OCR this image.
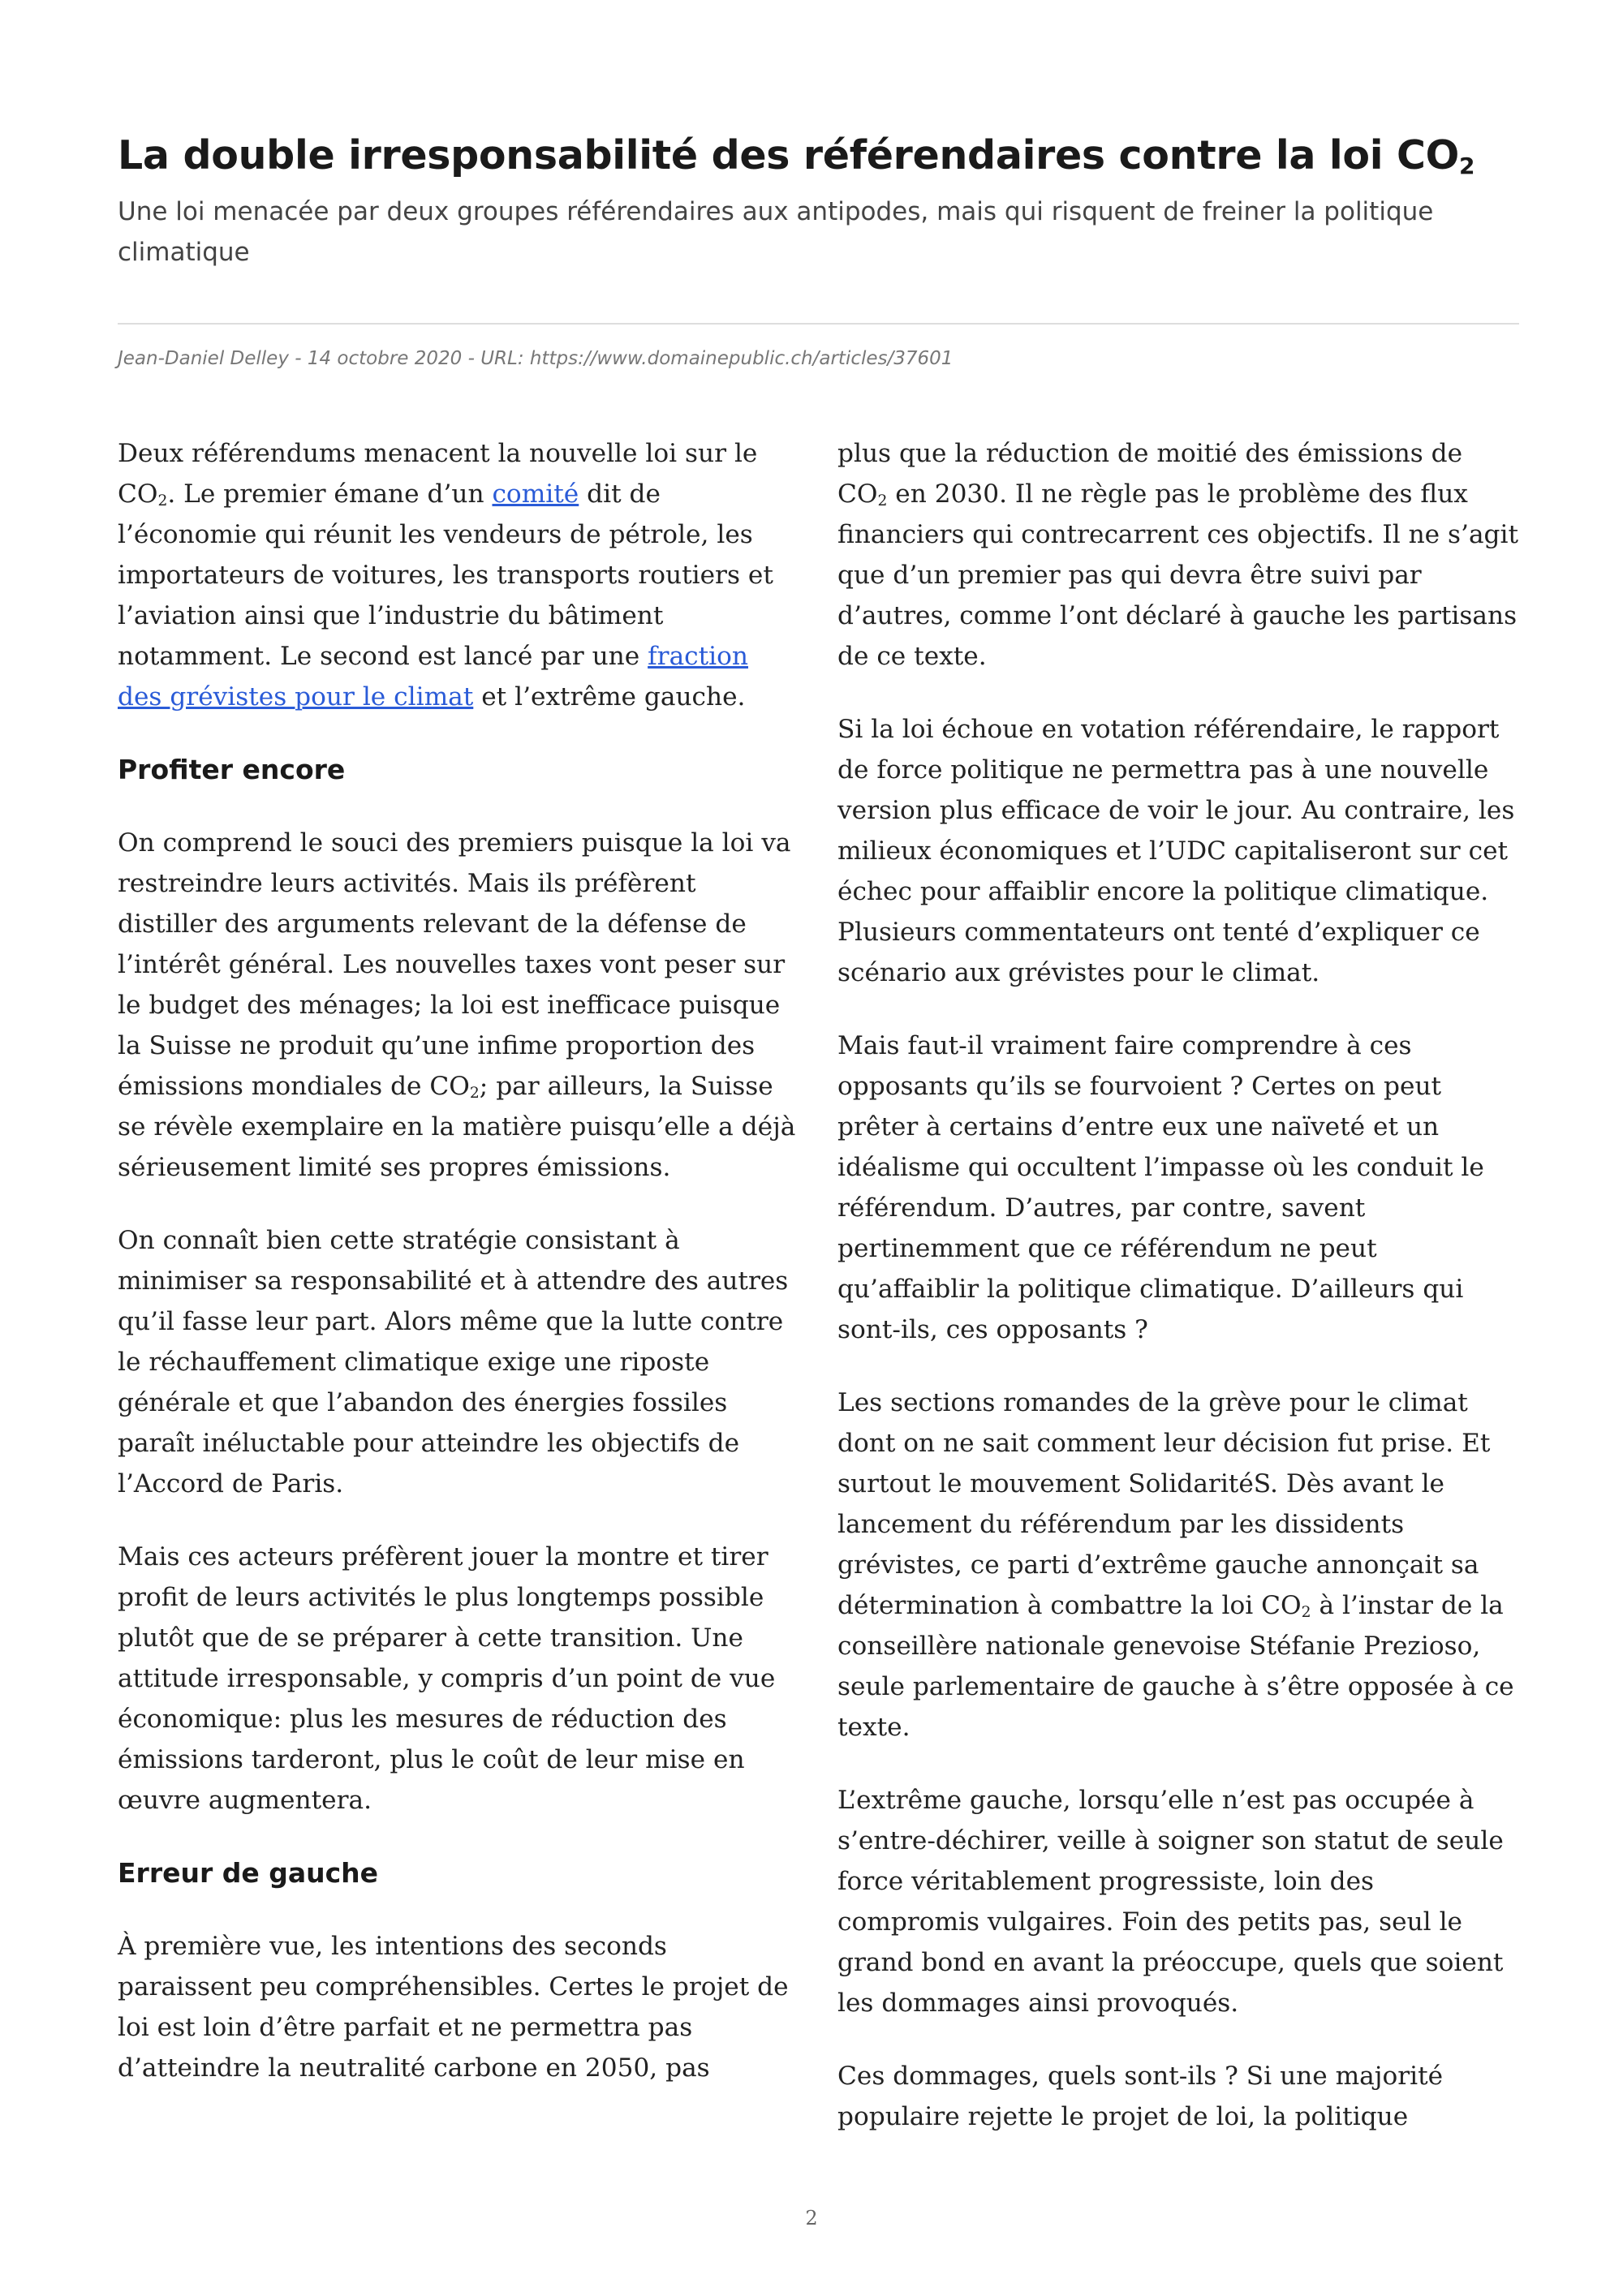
La double irresponsabilité des référendaires contre la loi $CO_2$

Une loi menacée par deux groupes référendaires aux antipodes, mais qui risquent de freiner la politique climatique

Jean-Daniel Delley - 14 octobre 2020 - URL: https://www.domainepublic.ch/articles/37601

Deux référendums menacent la nouvelle loi sur le $CO_2$. Le premier émane d’un comité dit de l’économie qui réunit les vendeurs de pétrole, les importateurs de voitures, les transports routiers et l’aviation ainsi que l’industrie du bâtiment notamment. Le second est lancé par une fraction des grévistes pour le climat et l’extrême gauche.

Profiter encore

On comprend le souci des premiers puisque la loi va restreindre leurs activités. Mais ils préfèrent distiller des arguments relevant de la défense de l’intérêt général. Les nouvelles taxes vont peser sur le budget des ménages; la loi est inefficace puisque la Suisse ne produit qu’une infime proportion des émissions mondiales de $CO_2$; par ailleurs, la Suisse se révèle exemplaire en la matière puisqu’elle a déjà sérieusement limité ses propres émissions.

On connaît bien cette stratégie consistant à minimiser sa responsabilité et à attendre des autres qu’il fasse leur part. Alors même que la lutte contre le réchauffement climatique exige une riposte générale et que l’abandon des énergies fossiles paraît inéluctable pour atteindre les objectifs de l’Accord de Paris.

Mais ces acteurs préfèrent jouer la montre et tirer profit de leurs activités le plus longtemps possible plutôt que de se préparer à cette transition. Une attitude irresponsable, y compris d’un point de vue économique: plus les mesures de réduction des émissions tarderont, plus le coût de leur mise en œuvre augmentera.

Erreur de gauche

À première vue, les intentions des seconds paraissent peu compréhensibles. Certes le projet de loi est loin d’être parfait et ne permettra pas d’atteindre la neutralité carbone en 2050, pas

plus que la réduction de moitié des émissions de $CO_2$ en 2030. Il ne règle pas le problème des flux financiers qui contrecarrent ces objectifs. Il ne s’agit que d’un premier pas qui devra être suivi par d’autres, comme l’ont déclaré à gauche les partisans de ce texte.

Si la loi échoue en votation référendaire, le rapport de force politique ne permettra pas à une nouvelle version plus efficace de voir le jour. Au contraire, les milieux économiques et l’UDC capitaliseront sur cet échec pour affaiblir encore la politique climatique. Plusieurs commentateurs ont tenté d’expliquer ce scénario aux grévistes pour le climat.

Mais faut-il vraiment faire comprendre à ces opposants qu’ils se fourvoient ? Certes on peut prêter à certains d’entre eux une naïveté et un idéalisme qui occultent l’impasse où les conduit le référendum. D’autres, par contre, savent pertinemment que ce référendum ne peut qu’affaiblir la politique climatique. D’ailleurs qui sont-ils, ces opposants ?

Les sections romandes de la grève pour le climat dont on ne sait comment leur décision fut prise. Et surtout le mouvement SolidaritéS. Dès avant le lancement du référendum par les dissidents grévistes, ce parti d’extrême gauche annonçait sa détermination à combattre la loi $CO_2$ à l’instar de la conseillère nationale genevoise Stéfanie Prezioso, seule parlementaire de gauche à s’être opposée à ce texte.

L’extrême gauche, lorsqu’elle n’est pas occupée à s’entre-déchirer, veille à soigner son statut de seule force véritablement progressiste, loin des compromis vulgaires. Foin des petits pas, seul le grand bond en avant la préoccupe, quels que soient les dommages ainsi provoqués.

Ces dommages, quels sont-ils ? Si une majorité populaire rejette le projet de loi, la politique

2
